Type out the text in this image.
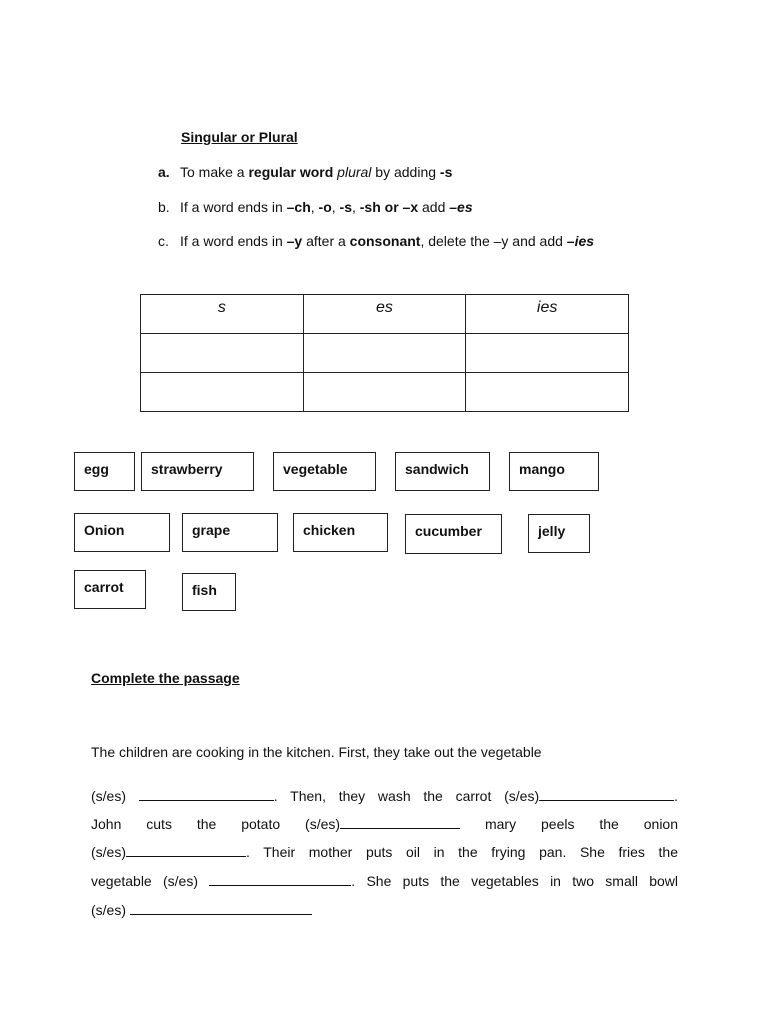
Singular or Plural
a. To make a regular word plural by adding -s
b. If a word ends in –ch, -o, -s, -sh or –x add –es
c. If a word ends in –y after a consonant, delete the –y and add –ies
s	es	ies

egg	strawberry	vegetable	sandwich	mango
Onion	grape	chicken	cucumber	jelly
carrot	fish
Complete the passage
The children are cooking in the kitchen. First, they take out the vegetable
(s/es)	. Then, they wash the carrot (s/es)	.
John cuts the potato (s/es)	mary peels the onion
(s/es)	. Their mother puts oil in the frying pan. She fries the
vegetable (s/es)	. She puts the vegetables in two small bowl
(s/es)
